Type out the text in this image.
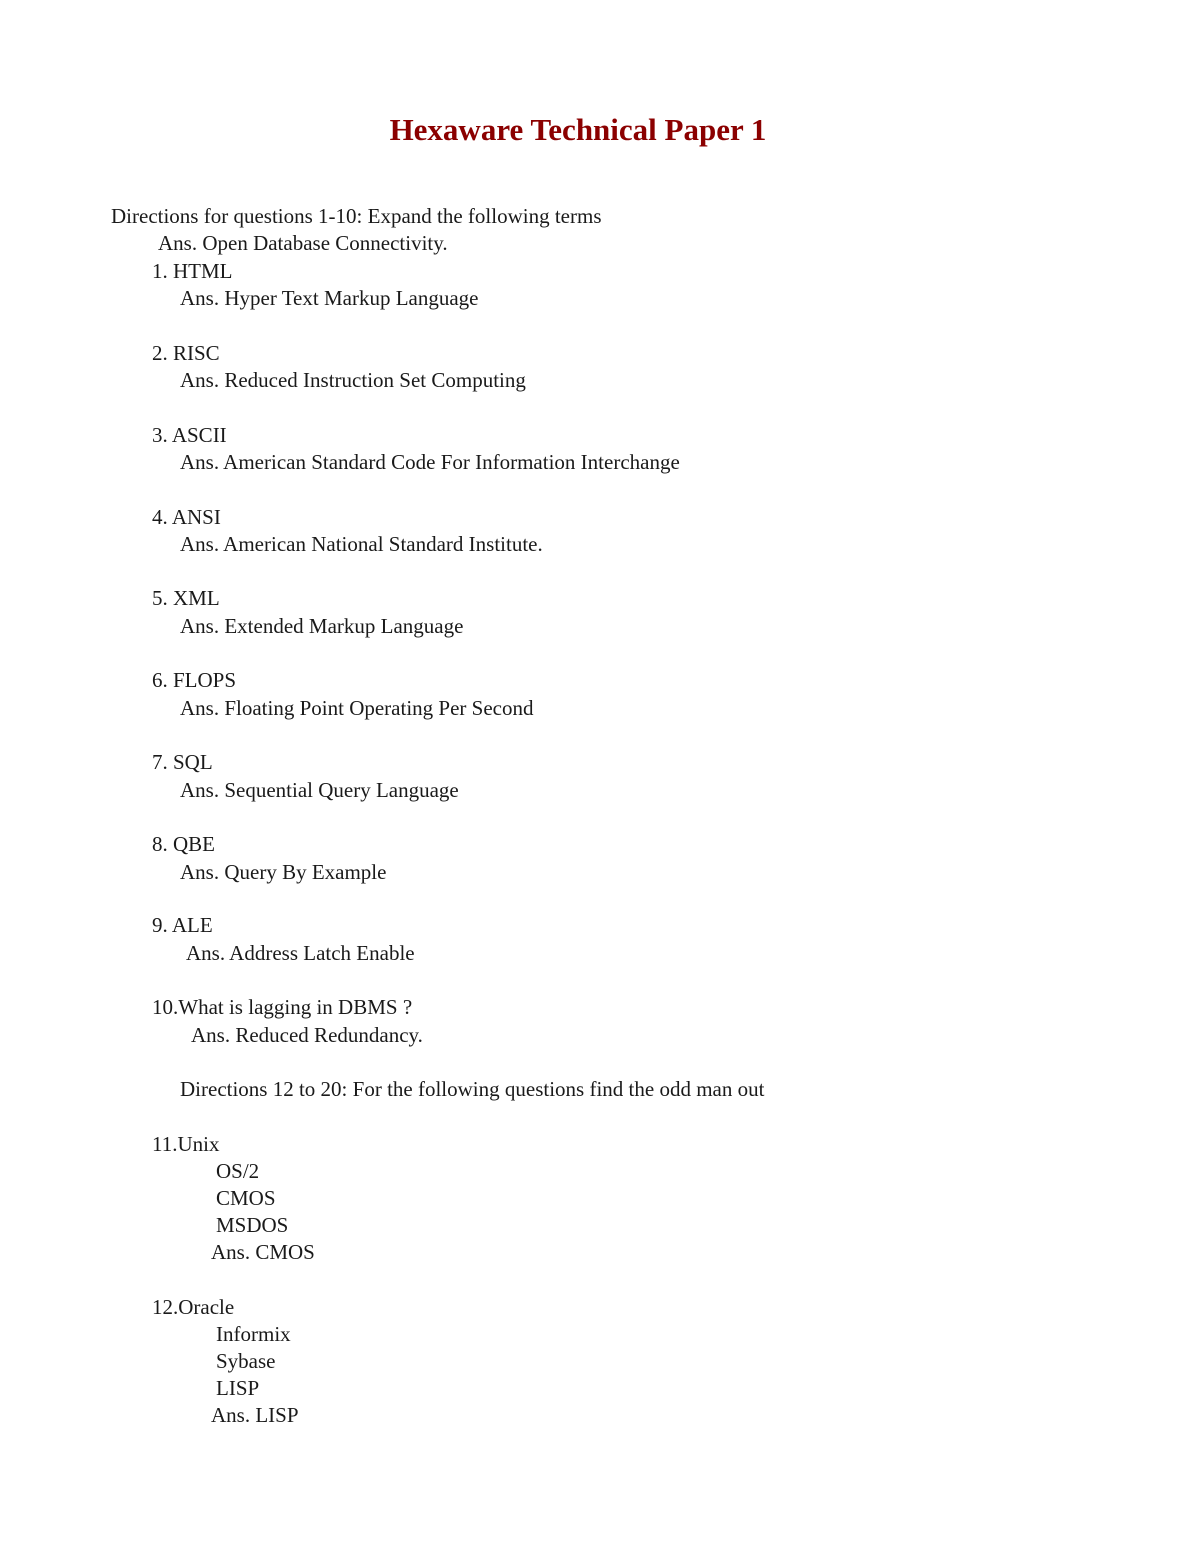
Hexaware Technical Paper 1

Directions for questions 1-10: Expand the following terms

Ans. Open Database Connectivity.

1. HTML

Ans. Hyper Text Markup Language

2. RISC

Ans. Reduced Instruction Set Computing

3. ASCII

Ans. American Standard Code For Information Interchange

4. ANSI

Ans. American National Standard Institute.

5. XML

Ans. Extended Markup Language

6. FLOPS

Ans. Floating Point Operating Per Second

7. SQL

Ans. Sequential Query Language

8. QBE

Ans. Query By Example

9. ALE

Ans. Address Latch Enable

10.What is lagging in DBMS ?

Ans. Reduced Redundancy.

Directions 12 to 20: For the following questions find the odd man out

11.Unix

OS/2

CMOS

MSDOS

Ans. CMOS

12.Oracle

Informix

Sybase

LISP

Ans. LISP
